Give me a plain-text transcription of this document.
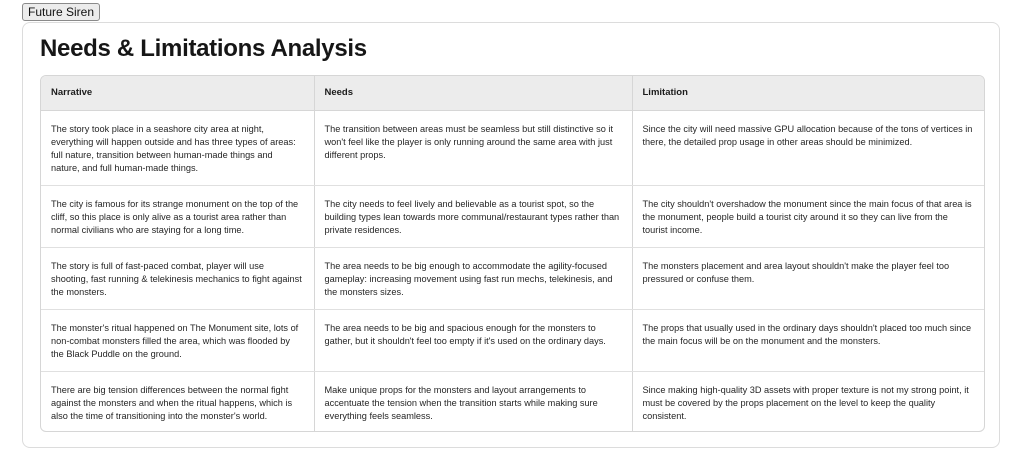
Future Siren
Needs & Limitations Analysis
Narrative	Needs	Limitation
The story took place in a seashore city area at night, everything will happen outside and has three types of areas: full nature, transition between human-made things and nature, and full human-made things.	The transition between areas must be seamless but still distinctive so it won't feel like the player is only running around the same area with just different props.	Since the city will need massive GPU allocation because of the tons of vertices in there, the detailed prop usage in other areas should be minimized.
The city is famous for its strange monument on the top of the cliff, so this place is only alive as a tourist area rather than normal civilians who are staying for a long time.	The city needs to feel lively and believable as a tourist spot, so the building types lean towards more communal/restaurant types rather than private residences.	The city shouldn't overshadow the monument since the main focus of that area is the monument, people build a tourist city around it so they can live from the tourist income.
The story is full of fast-paced combat, player will use shooting, fast running & telekinesis mechanics to fight against the monsters.	The area needs to be big enough to accommodate the agility-focused gameplay: increasing movement using fast run mechs, telekinesis, and the monsters sizes.	The monsters placement and area layout shouldn't make the player feel too pressured or confuse them.
The monster's ritual happened on The Monument site, lots of non-combat monsters filled the area, which was flooded by the Black Puddle on the ground.	The area needs to be big and spacious enough for the monsters to gather, but it shouldn't feel too empty if it's used on the ordinary days.	The props that usually used in the ordinary days shouldn't placed too much since the main focus will be on the monument and the monsters.
There are big tension differences between the normal fight against the monsters and when the ritual happens, which is also the time of transitioning into the monster's world.	Make unique props for the monsters and layout arrangements to accentuate the tension when the transition starts while making sure everything feels seamless.	Since making high-quality 3D assets with proper texture is not my strong point, it must be covered by the props placement on the level to keep the quality consistent.
